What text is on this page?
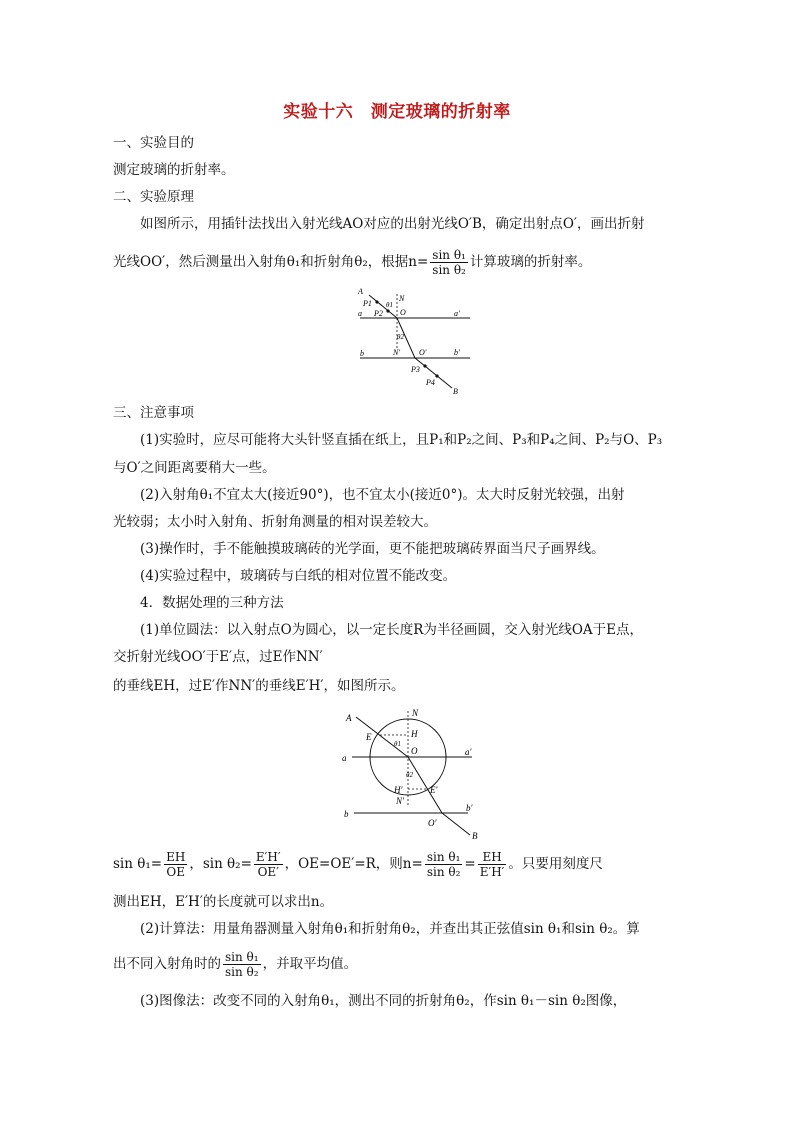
实验十六　测定玻璃的折射率
一、实验目的
测定玻璃的折射率。
二、实验原理
如图所示，用插针法找出入射光线AO对应的出射光线O′B，确定出射点O′，画出折射
光线OO′，然后测量出入射角θ₁和折射角θ₂，根据$n= \frac{\text{sin θ₁}}{\text{sin θ₂}}$ 计算玻璃的折射率。
A
P1
P2
N
θ1
O
a	a′
θ2
b	N′ O′	b′
P3
P4
B
三、注意事项
(1)实验时，应尽可能将大头针竖直插在纸上，且P₁和P₂之间、P₃和P₄之间、P₂与O、P₃
与O′之间距离要稍大一些。
(2)入射角θ₁不宜太大(接近90°)，也不宜太小(接近0°)。太大时反射光较强，出射
光较弱；太小时入射角、折射角测量的相对误差较大。
(3)操作时，手不能触摸玻璃砖的光学面，更不能把玻璃砖界面当尺子画界线。
(4)实验过程中，玻璃砖与白纸的相对位置不能改变。
4．数据处理的三种方法
(1)单位圆法：以入射点O为圆心，以一定长度R为半径画圆，交入射光线OA于E点，
交折射光线OO′于E′点，过E作NN′
的垂线EH，过E′作NN′的垂线E′H′，如图所示。
A	N
E	H
θ1
O
a
a′
θ2
H′	E′
N′
b
b′
O′
B
$\sin \theta_1= \frac{EH}{OE}$ ，$\sin \theta_2= \frac{E'H'}{OE'}$ ，OE=OE′=R，则$n= \frac{\text{sin θ₁}}{\text{sin θ₂}} = \frac{EH}{E'H'}$ 。只要用刻度尺
测出EH，E′H′的长度就可以求出n。
(2)计算法：用量角器测量入射角θ₁和折射角θ₂，并查出其正弦值sin θ₁和sin θ₂。算
出不同入射角时的 $\frac{\text{sin θ₁}}{\text{sin θ₂}}$ ，并取平均值。
(3)图像法：改变不同的入射角θ₁，测出不同的折射角θ₂，作sin θ₁－sin θ₂图像，
